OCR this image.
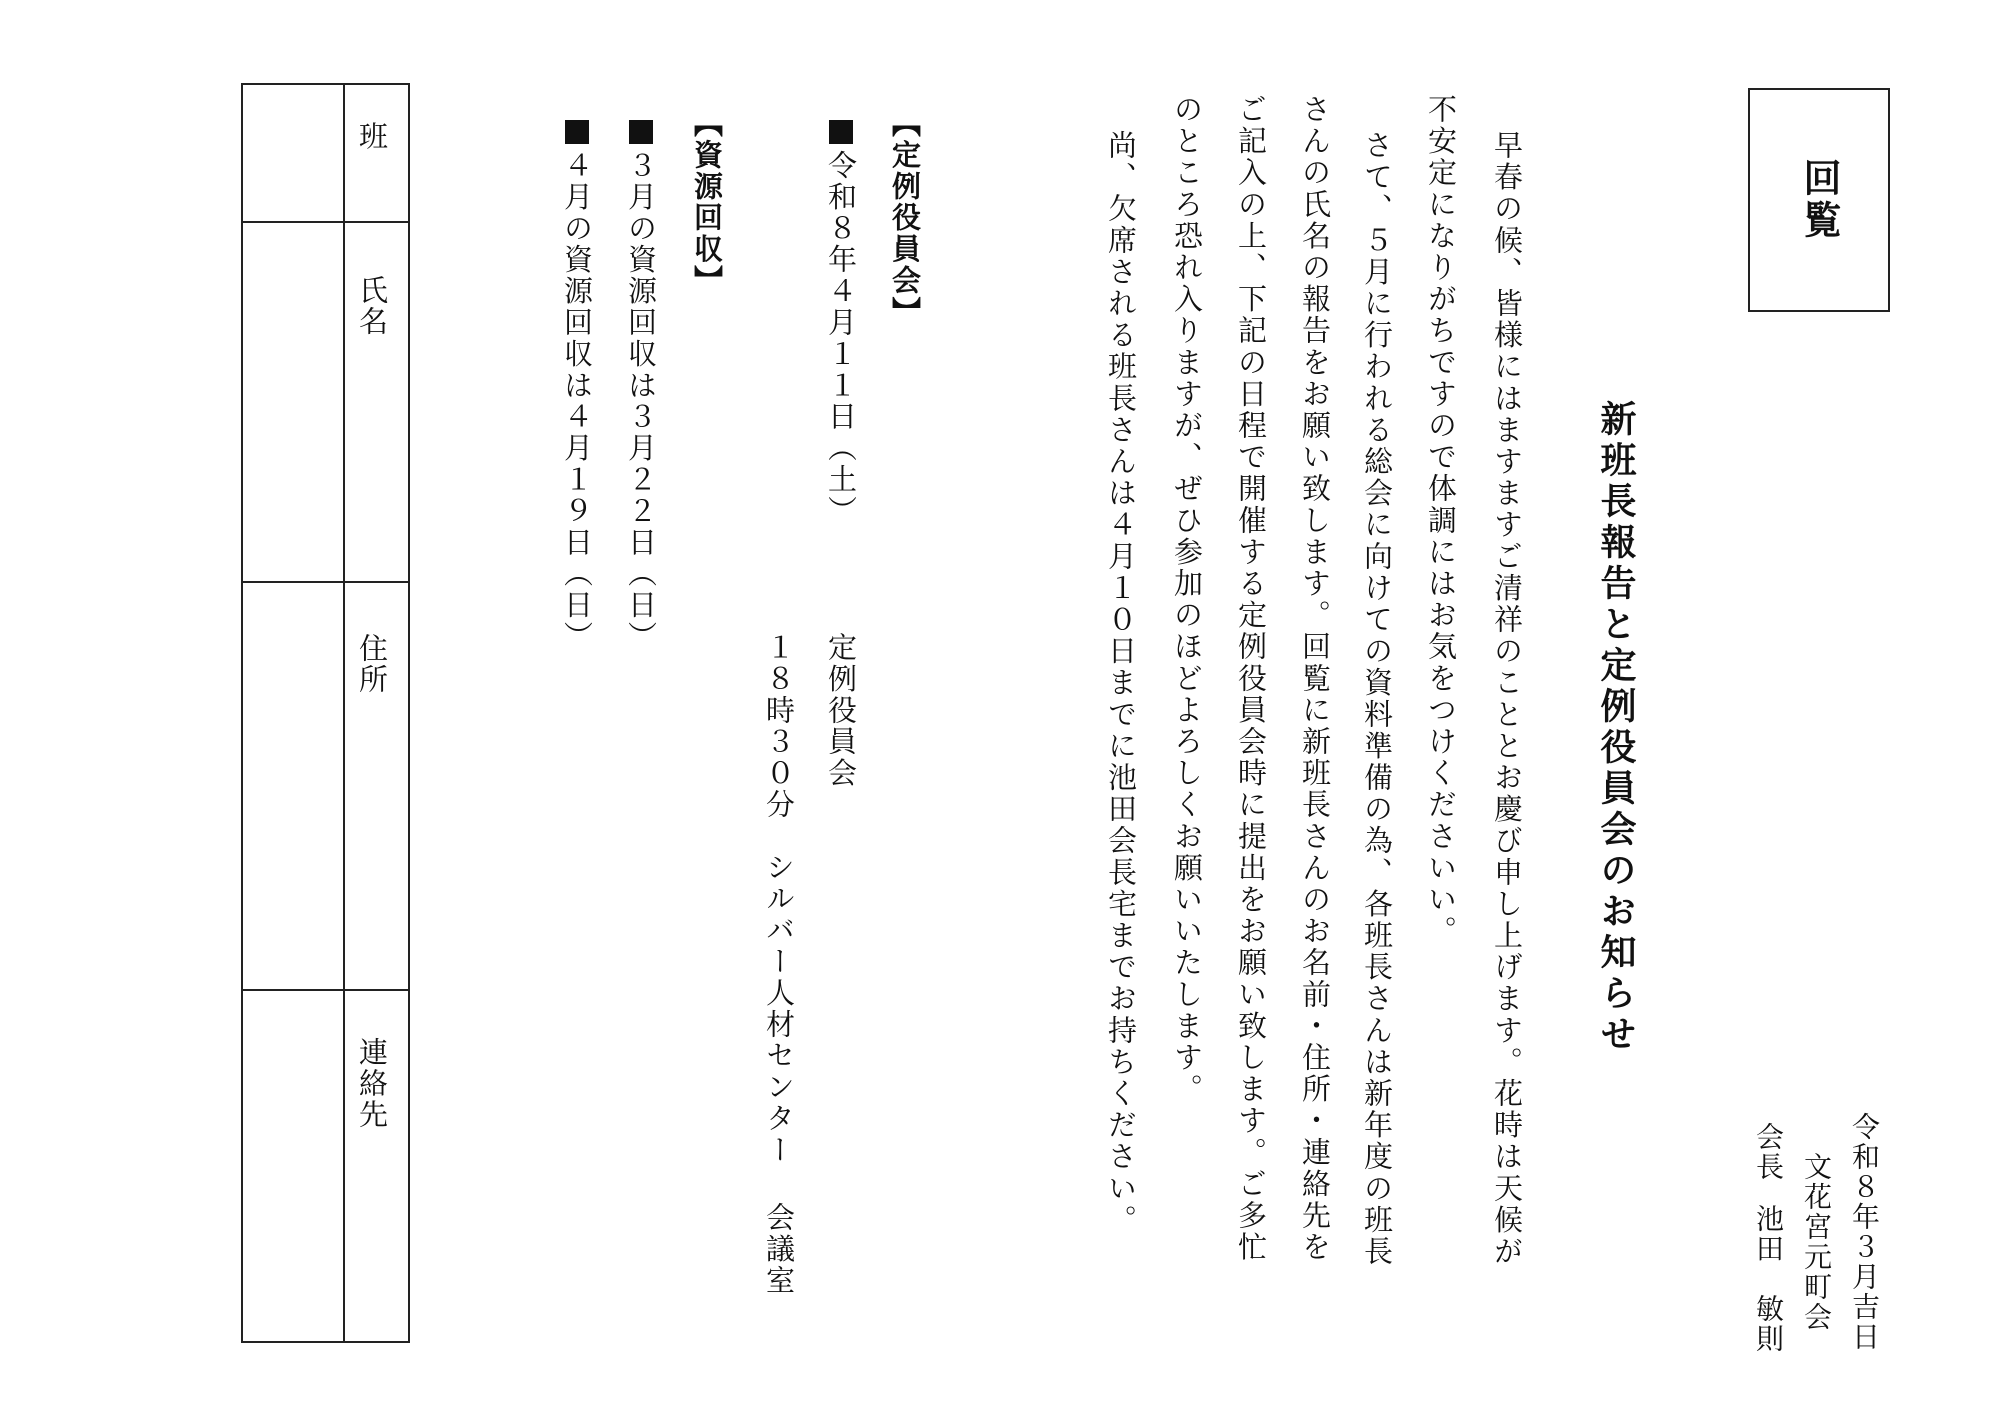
回覧

令和８年３月吉日

文花宮元町会

会長池田　敏則

新班長報告と定例役員会のお知らせ

早春の候、皆様にはますますご清祥のこととお慶び申し上げます。花時は天候が

不安定になりがちですので体調にはお気をつけくださいい。

さて、５月に行われる総会に向けての資料準備の為、各班長さんは新年度の班長

さんの氏名の報告をお願い致します。回覧に新班長さんのお名前・住所・連絡先を

ご記入の上、下記の日程で開催する定例役員会時に提出をお願い致します。ご多忙

のところ恐れ入りますが、ぜひ参加のほどよろしくお願いいたします。

尚、欠席される班長さんは４月１０日までに池田会長宅までお持ちください。

【定例役員会】

令和８年４月１１日（土）

定例役員会

１８時３０分　シルバー人材センター 会議室

【資源回収】

３月の資源回収は３月２２日（日）

４月の資源回収は４月１９日（日）

班

氏名

住所

連絡先
